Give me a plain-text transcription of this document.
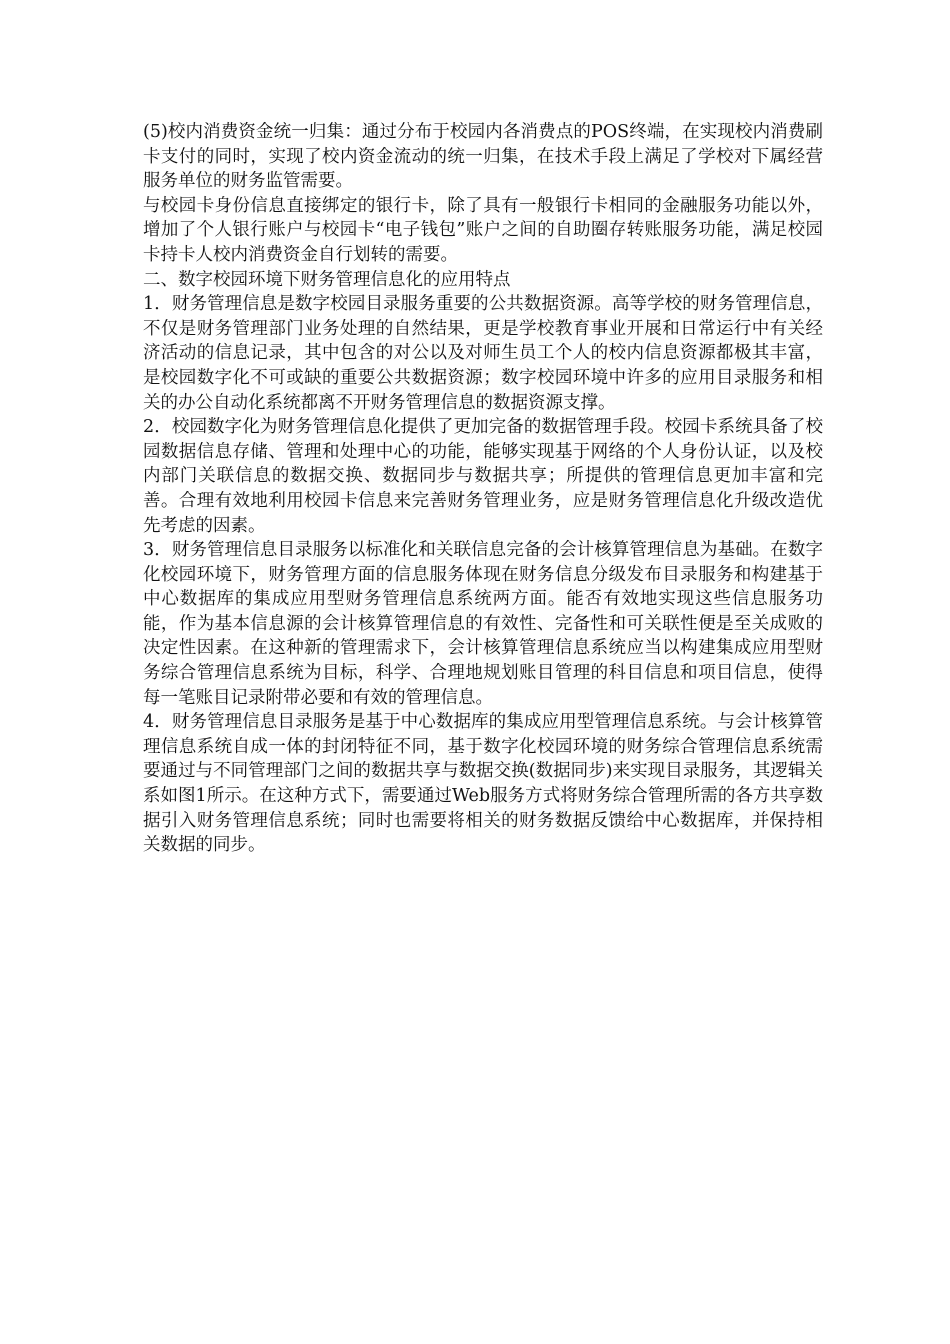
(5)校内消费资金统一归集：通过分布于校园内各消费点的POS终端，在实现校内消费刷卡支付的同时，实现了校内资金流动的统一归集，在技术手段上满足了学校对下属经营服务单位的财务监管需要。

与校园卡身份信息直接绑定的银行卡，除了具有一般银行卡相同的金融服务功能以外，增加了个人银行账户与校园卡“电子钱包”账户之间的自助圈存转账服务功能，满足校园卡持卡人校内消费资金自行划转的需要。

二、数字校园环境下财务管理信息化的应用特点

1．财务管理信息是数字校园目录服务重要的公共数据资源。高等学校的财务管理信息，不仅是财务管理部门业务处理的自然结果，更是学校教育事业开展和日常运行中有关经济活动的信息记录，其中包含的对公以及对师生员工个人的校内信息资源都极其丰富，是校园数字化不可或缺的重要公共数据资源；数字校园环境中许多的应用目录服务和相关的办公自动化系统都离不开财务管理信息的数据资源支撑。

2．校园数字化为财务管理信息化提供了更加完备的数据管理手段。校园卡系统具备了校园数据信息存储、管理和处理中心的功能，能够实现基于网络的个人身份认证，以及校内部门关联信息的数据交换、数据同步与数据共享；所提供的管理信息更加丰富和完善。合理有效地利用校园卡信息来完善财务管理业务，应是财务管理信息化升级改造优先考虑的因素。

3．财务管理信息目录服务以标准化和关联信息完备的会计核算管理信息为基础。在数字化校园环境下，财务管理方面的信息服务体现在财务信息分级发布目录服务和构建基于中心数据库的集成应用型财务管理信息系统两方面。能否有效地实现这些信息服务功能，作为基本信息源的会计核算管理信息的有效性、完备性和可关联性便是至关成败的决定性因素。在这种新的管理需求下，会计核算管理信息系统应当以构建集成应用型财务综合管理信息系统为目标，科学、合理地规划账目管理的科目信息和项目信息，使得每一笔账目记录附带必要和有效的管理信息。

4．财务管理信息目录服务是基于中心数据库的集成应用型管理信息系统。与会计核算管理信息系统自成一体的封闭特征不同，基于数字化校园环境的财务综合管理信息系统需要通过与不同管理部门之间的数据共享与数据交换(数据同步)来实现目录服务，其逻辑关系如图1所示。在这种方式下，需要通过Web服务方式将财务综合管理所需的各方共享数据引入财务管理信息系统；同时也需要将相关的财务数据反馈给中心数据库，并保持相关数据的同步。
